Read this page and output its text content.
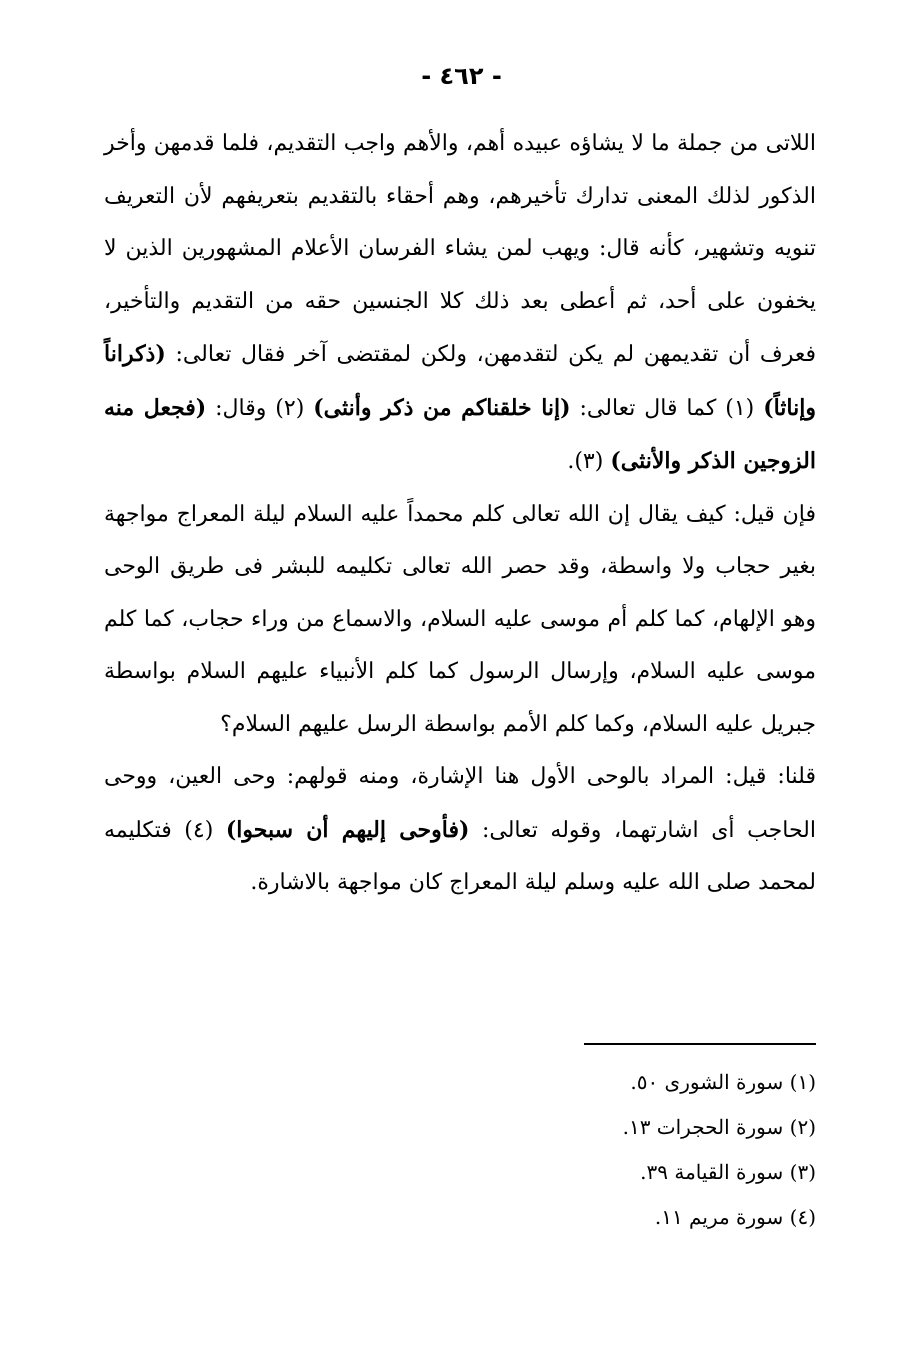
- ٤٦٢ -

اللاتى من جملة ما لا يشاؤه عبيده أهم، والأهم واجب التقديم، فلما قدمهن وأخر الذكور لذلك المعنى تدارك تأخيرهم، وهم أحقاء بالتقديم بتعريفهم لأن التعريف تنويه وتشهير، كأنه قال: ويهب لمن يشاء الفرسان الأعلام المشهورين الذين لا يخفون على أحد، ثم أعطى بعد ذلك كلا الجنسين حقه من التقديم والتأخير، فعرف أن تقديمهن لم يكن لتقدمهن، ولكن لمقتضى آخر فقال تعالى: (ذكراناً وإناثاً) (١) كما قال تعالى: (إنا خلقناكم من ذكر وأنثى) (٢) وقال: (فجعل منه الزوجين الذكر والأنثى) (٣).

فإن قيل: كيف يقال إن الله تعالى كلم محمداً عليه السلام ليلة المعراج مواجهة بغير حجاب ولا واسطة، وقد حصر الله تعالى تكليمه للبشر فى طريق الوحى وهو الإلهام، كما كلم أم موسى عليه السلام، والاسماع من وراء حجاب، كما كلم موسى عليه السلام، وإرسال الرسول كما كلم الأنبياء عليهم السلام بواسطة جبريل عليه السلام، وكما كلم الأمم بواسطة الرسل عليهم السلام؟

قلنا: قيل: المراد بالوحى الأول هنا الإشارة، ومنه قولهم: وحى العين، ووحى الحاجب أى اشارتهما، وقوله تعالى: (فأوحى إليهم أن سبحوا) (٤) فتكليمه لمحمد صلى الله عليه وسلم ليلة المعراج كان مواجهة بالاشارة.

(١) سورة الشورى ٥٠.
(٢) سورة الحجرات ١٣.
(٣) سورة القيامة ٣٩.
(٤) سورة مريم ١١.
